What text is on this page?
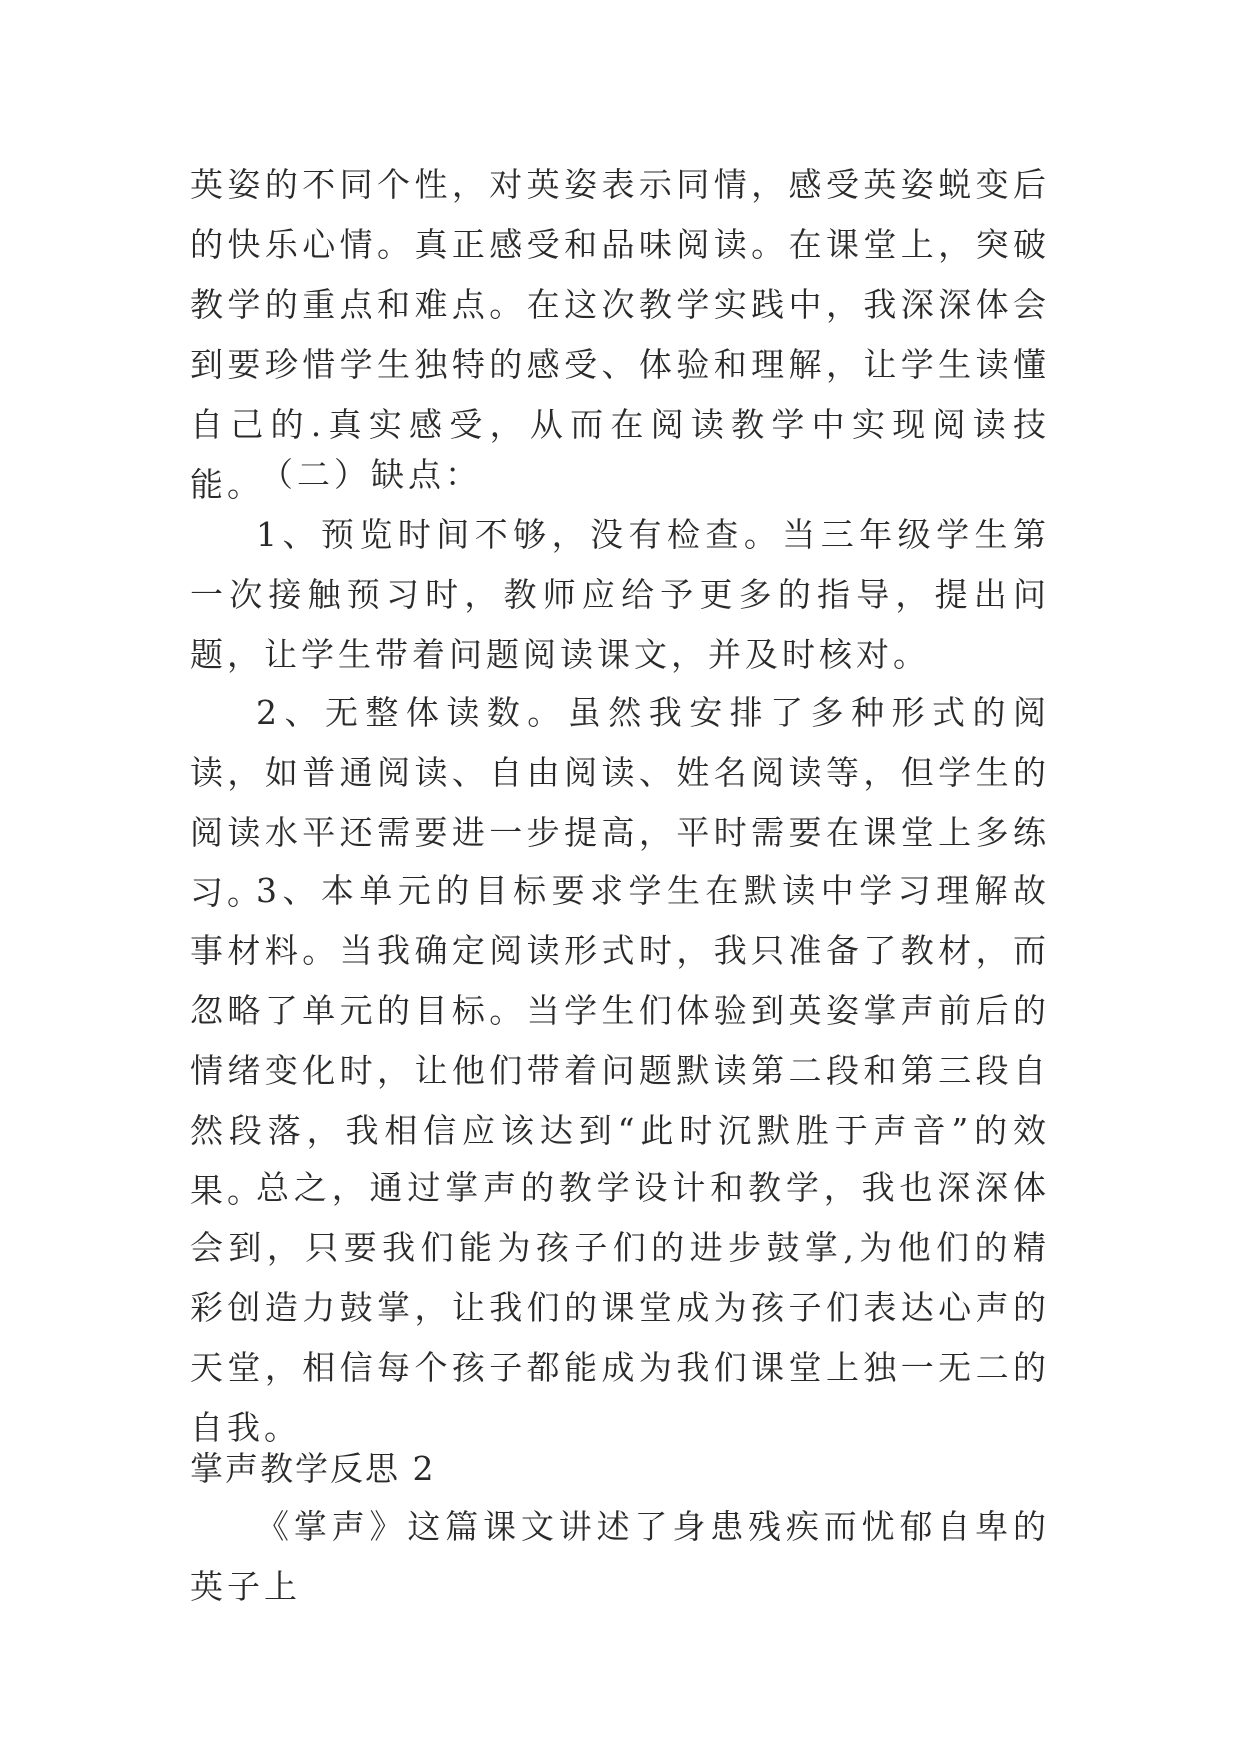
英姿的不同个性，对英姿表示同情，感受英姿蜕变后的快乐心情。真正感受和品味阅读。在课堂上，突破教学的重点和难点。在这次教学实践中，我深深体会到要珍惜学生独特的感受、体验和理解，让学生读懂自己的.真实感受，从而在阅读教学中实现阅读技能。

（二）缺点：

1、预览时间不够，没有检查。当三年级学生第一次接触预习时，教师应给予更多的指导，提出问题，让学生带着问题阅读课文，并及时核对。

2、无整体读数。虽然我安排了多种形式的阅读，如普通阅读、自由阅读、姓名阅读等，但学生的阅读水平还需要进一步提高，平时需要在课堂上多练习。

3、本单元的目标要求学生在默读中学习理解故事材料。当我确定阅读形式时，我只准备了教材，而忽略了单元的目标。当学生们体验到英姿掌声前后的情绪变化时，让他们带着问题默读第二段和第三段自然段落，我相信应该达到“此时沉默胜于声音”的效果。

总之，通过掌声的教学设计和教学，我也深深体会到，只要我们能为孩子们的进步鼓掌,为他们的精彩创造力鼓掌，让我们的课堂成为孩子们表达心声的天堂，相信每个孩子都能成为我们课堂上独一无二的自我。

掌声教学反思 2

《掌声》这篇课文讲述了身患残疾而忧郁自卑的英子上
